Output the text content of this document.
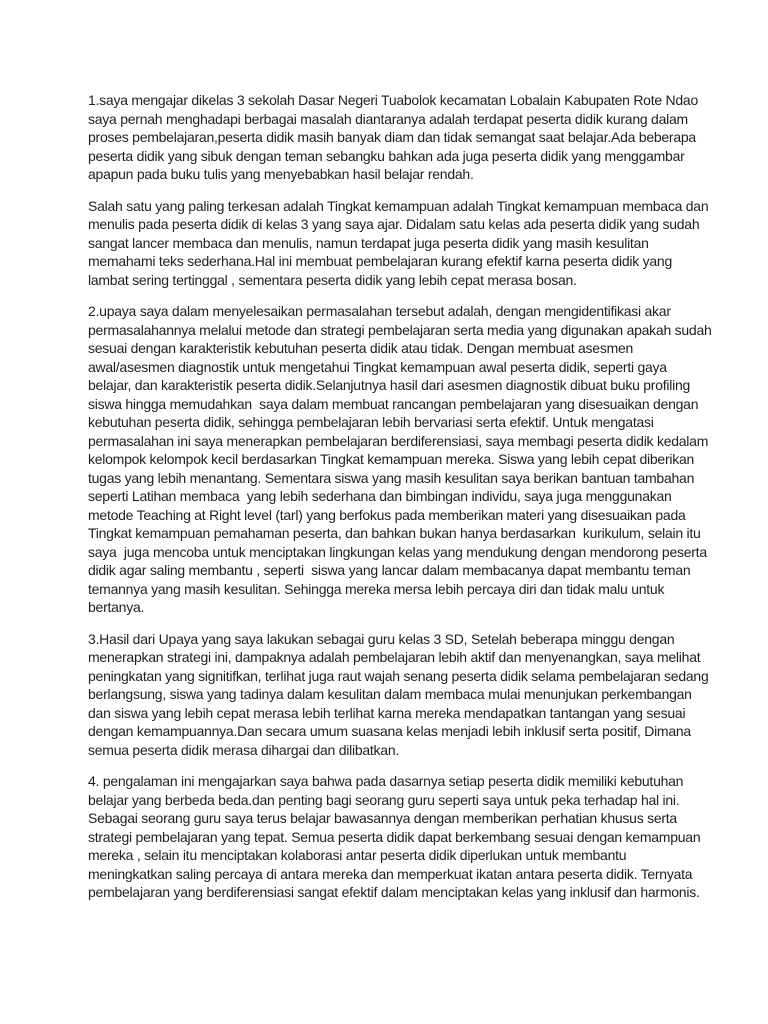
1.saya mengajar dikelas 3 sekolah Dasar Negeri Tuabolok kecamatan Lobalain Kabupaten Rote Ndao
saya pernah menghadapi berbagai masalah diantaranya adalah terdapat peserta didik kurang dalam
proses pembelajaran,peserta didik masih banyak diam dan tidak semangat saat belajar.Ada beberapa
peserta didik yang sibuk dengan teman sebangku bahkan ada juga peserta didik yang menggambar
apapun pada buku tulis yang menyebabkan hasil belajar rendah.

Salah satu yang paling terkesan adalah Tingkat kemampuan adalah Tingkat kemampuan membaca dan
menulis pada peserta didik di kelas 3 yang saya ajar. Didalam satu kelas ada peserta didik yang sudah
sangat lancer membaca dan menulis, namun terdapat juga peserta didik yang masih kesulitan
memahami teks sederhana.Hal ini membuat pembelajaran kurang efektif karna peserta didik yang
lambat sering tertinggal , sementara peserta didik yang lebih cepat merasa bosan.

2.upaya saya dalam menyelesaikan permasalahan tersebut adalah, dengan mengidentifikasi akar
permasalahannya melalui metode dan strategi pembelajaran serta media yang digunakan apakah sudah
sesuai dengan karakteristik kebutuhan peserta didik atau tidak. Dengan membuat asesmen
awal/asesmen diagnostik untuk mengetahui Tingkat kemampuan awal peserta didik, seperti gaya
belajar, dan karakteristik peserta didik.Selanjutnya hasil dari asesmen diagnostik dibuat buku profiling
siswa hingga memudahkan  saya dalam membuat rancangan pembelajaran yang disesuaikan dengan
kebutuhan peserta didik, sehingga pembelajaran lebih bervariasi serta efektif. Untuk mengatasi
permasalahan ini saya menerapkan pembelajaran berdiferensiasi, saya membagi peserta didik kedalam
kelompok kelompok kecil berdasarkan Tingkat kemampuan mereka. Siswa yang lebih cepat diberikan
tugas yang lebih menantang. Sementara siswa yang masih kesulitan saya berikan bantuan tambahan
seperti Latihan membaca  yang lebih sederhana dan bimbingan individu, saya juga menggunakan
metode Teaching at Right level (tarl) yang berfokus pada memberikan materi yang disesuaikan pada
Tingkat kemampuan pemahaman peserta, dan bahkan bukan hanya berdasarkan  kurikulum, selain itu
saya  juga mencoba untuk menciptakan lingkungan kelas yang mendukung dengan mendorong peserta
didik agar saling membantu , seperti  siswa yang lancar dalam membacanya dapat membantu teman
temannya yang masih kesulitan. Sehingga mereka mersa lebih percaya diri dan tidak malu untuk
bertanya.

3.Hasil dari Upaya yang saya lakukan sebagai guru kelas 3 SD, Setelah beberapa minggu dengan
menerapkan strategi ini, dampaknya adalah pembelajaran lebih aktif dan menyenangkan, saya melihat
peningkatan yang signitifkan, terlihat juga raut wajah senang peserta didik selama pembelajaran sedang
berlangsung, siswa yang tadinya dalam kesulitan dalam membaca mulai menunjukan perkembangan
dan siswa yang lebih cepat merasa lebih terlihat karna mereka mendapatkan tantangan yang sesuai
dengan kemampuannya.Dan secara umum suasana kelas menjadi lebih inklusif serta positif, Dimana
semua peserta didik merasa dihargai dan dilibatkan.

4. pengalaman ini mengajarkan saya bahwa pada dasarnya setiap peserta didik memiliki kebutuhan
belajar yang berbeda beda.dan penting bagi seorang guru seperti saya untuk peka terhadap hal ini.
Sebagai seorang guru saya terus belajar bawasannya dengan memberikan perhatian khusus serta
strategi pembelajaran yang tepat. Semua peserta didik dapat berkembang sesuai dengan kemampuan
mereka , selain itu menciptakan kolaborasi antar peserta didik diperlukan untuk membantu
meningkatkan saling percaya di antara mereka dan memperkuat ikatan antara peserta didik. Ternyata
pembelajaran yang berdiferensiasi sangat efektif dalam menciptakan kelas yang inklusif dan harmonis.
